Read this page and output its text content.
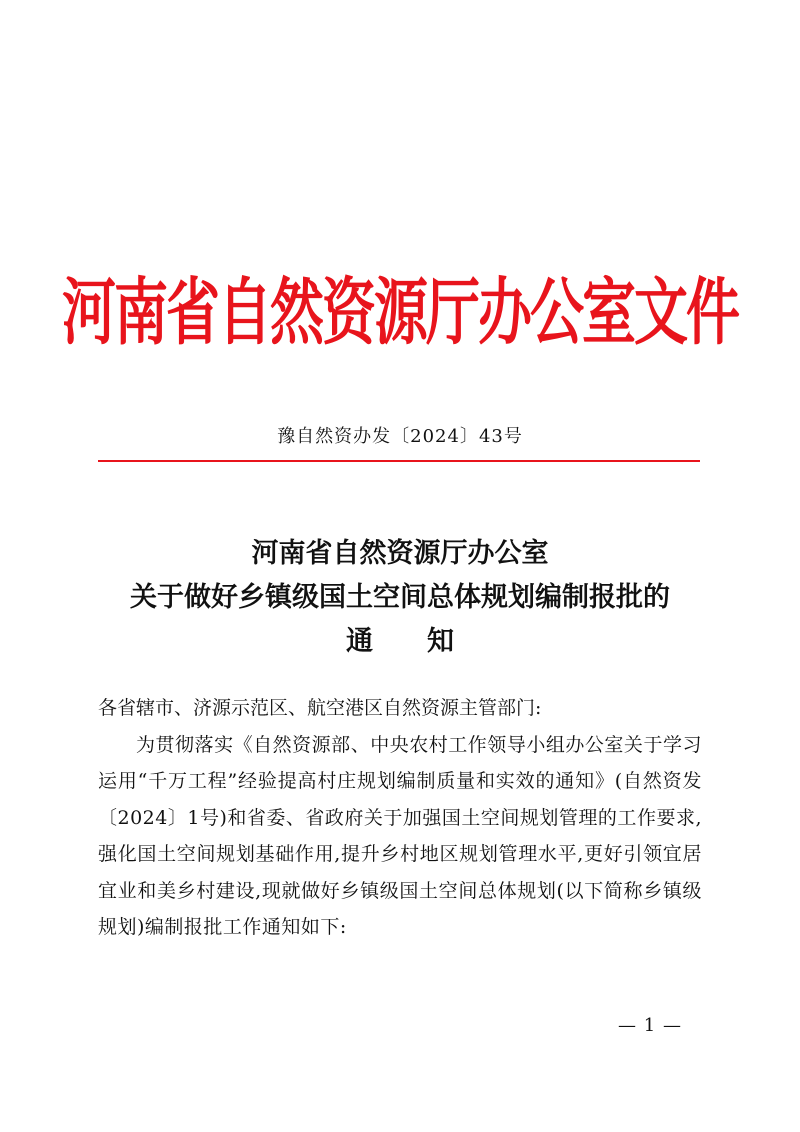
河南省自然资源厅办公室文件
豫自然资办发〔2024〕43号
河南省自然资源厅办公室
关于做好乡镇级国土空间总体规划编制报批的
通　　知
各省辖市、济源示范区、航空港区自然资源主管部门:
为贯彻落实《自然资源部、中央农村工作领导小组办公室关于学习运用“千万工程”经验提高村庄规划编制质量和实效的通知》(自然资发〔2024〕1号)和省委、省政府关于加强国土空间规划管理的工作要求,强化国土空间规划基础作用,提升乡村地区规划管理水平,更好引领宜居宜业和美乡村建设,现就做好乡镇级国土空间总体规划(以下简称乡镇级规划)编制报批工作通知如下:
— 1 —
